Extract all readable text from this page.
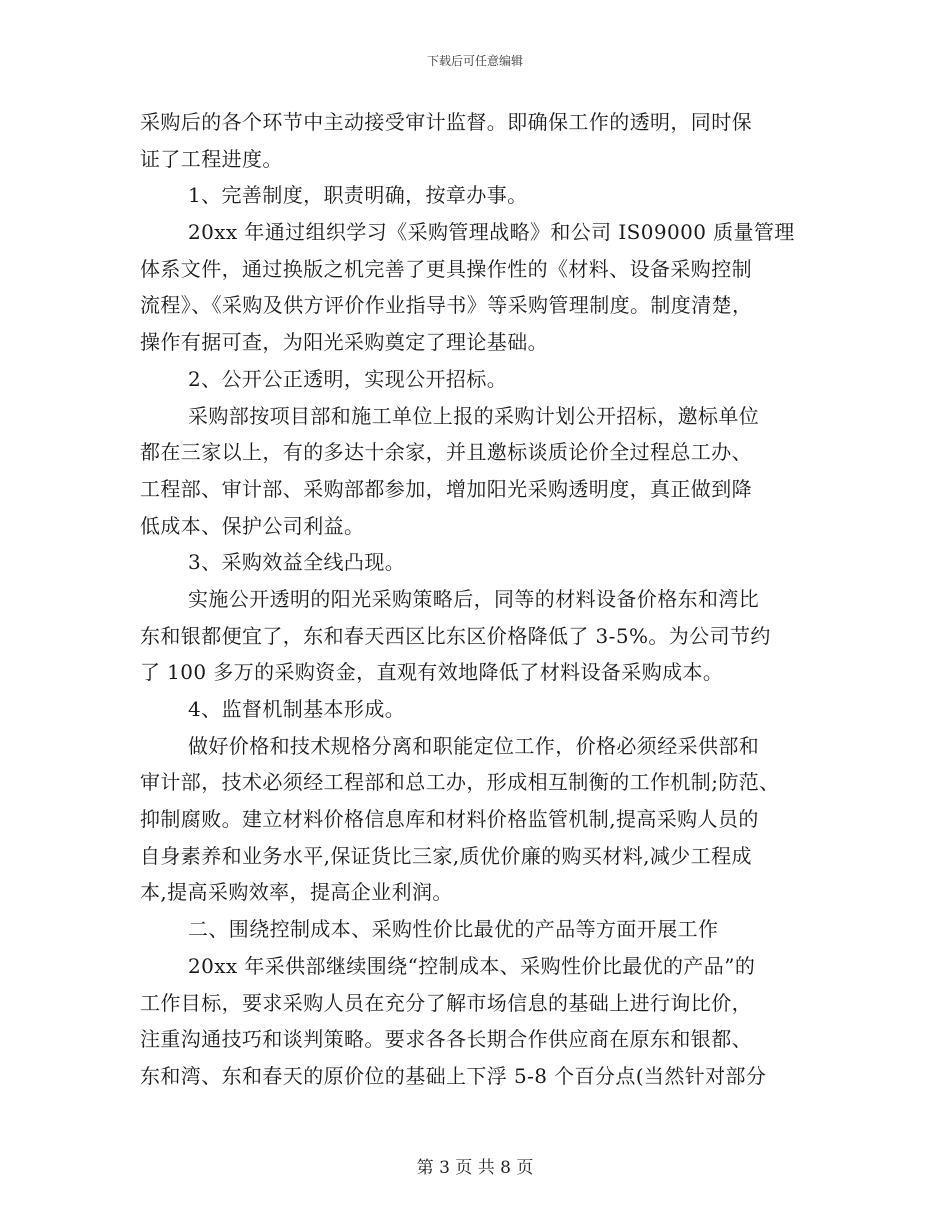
下载后可任意编辑
采购后的各个环节中主动接受审计监督。即确保工作的透明，同时保
证了工程进度。
1、完善制度，职责明确，按章办事。
20xx 年通过组织学习《采购管理战略》和公司 IS09000 质量管理
体系文件，通过换版之机完善了更具操作性的《材料、设备采购控制
流程》、《采购及供方评价作业指导书》等采购管理制度。制度清楚，
操作有据可查，为阳光采购奠定了理论基础。
2、公开公正透明，实现公开招标。
采购部按项目部和施工单位上报的采购计划公开招标，邀标单位
都在三家以上，有的多达十余家，并且邀标谈质论价全过程总工办、
工程部、审计部、采购部都参加，增加阳光采购透明度，真正做到降
低成本、保护公司利益。
3、采购效益全线凸现。
实施公开透明的阳光采购策略后，同等的材料设备价格东和湾比
东和银都便宜了，东和春天西区比东区价格降低了 3-5%。为公司节约
了 100 多万的采购资金，直观有效地降低了材料设备采购成本。
4、监督机制基本形成。
做好价格和技术规格分离和职能定位工作，价格必须经采供部和
审计部，技术必须经工程部和总工办，形成相互制衡的工作机制;防范、
抑制腐败。建立材料价格信息库和材料价格监管机制,提高采购人员的
自身素养和业务水平,保证货比三家,质优价廉的购买材料,减少工程成
本,提高采购效率，提高企业利润。
二、围绕控制成本、采购性价比最优的产品等方面开展工作
20xx 年采供部继续围绕“控制成本、采购性价比最优的产品”的
工作目标，要求采购人员在充分了解市场信息的基础上进行询比价，
注重沟通技巧和谈判策略。要求各各长期合作供应商在原东和银都、
东和湾、东和春天的原价位的基础上下浮 5-8 个百分点(当然针对部分
第 3 页 共 8 页
